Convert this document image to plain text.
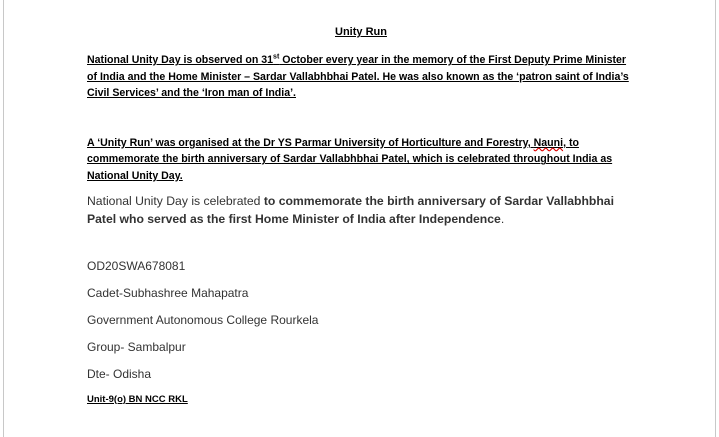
Unity Run

National Unity Day is observed on 31st October every year in the memory of the First Deputy Prime Minister of India and the Home Minister – Sardar Vallabhbhai Patel. He was also known as the ‘patron saint of India’s Civil Services’ and the ‘Iron man of India’.

A ‘Unity Run’ was organised at the Dr YS Parmar University of Horticulture and Forestry, Nauni, to commemorate the birth anniversary of Sardar Vallabhbhai Patel, which is celebrated throughout India as National Unity Day.

National Unity Day is celebrated to commemorate the birth anniversary of Sardar Vallabhbhai Patel who served as the first Home Minister of India after Independence.

OD20SWA678081

Cadet-Subhashree Mahapatra

Government Autonomous College Rourkela

Group- Sambalpur

Dte- Odisha

Unit-9(o) BN NCC RKL
